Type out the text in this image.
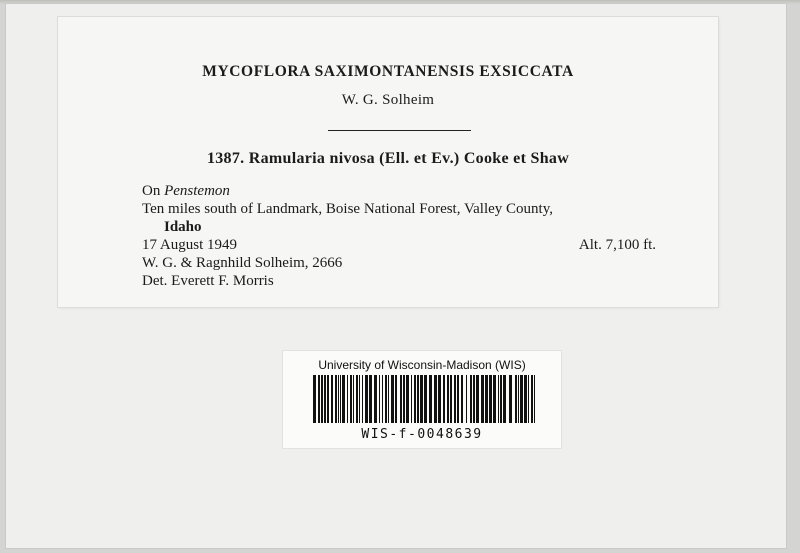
MYCOFLORA SAXIMONTANENSIS EXSICCATA
W. G. Solheim
1387. Ramularia nivosa (Ell. et Ev.) Cooke et Shaw
On Penstemon
Ten miles south of Landmark, Boise National Forest, Valley County,
Idaho
17 August 1949	Alt. 7,100 ft.
W. G. & Ragnhild Solheim, 2666
Det. Everett F. Morris
University of Wisconsin-Madison (WIS)
WIS-f-0048639
